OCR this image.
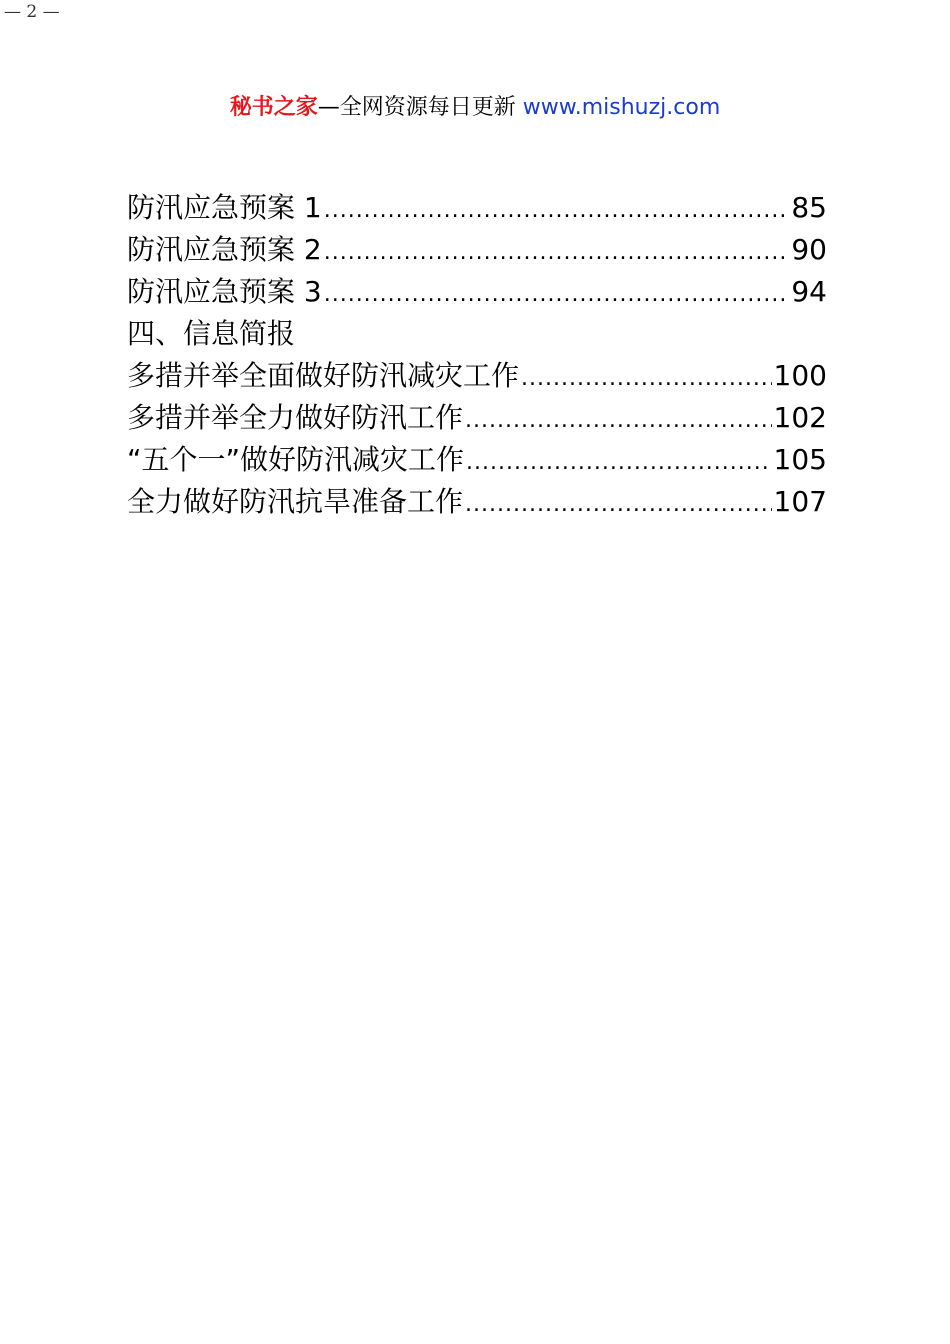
— 2 —
秘书之家—全网资源每日更新 www.mishuzj.com
防汛应急预案 1 .....	85
防汛应急预案 2 .....	90
防汛应急预案 3 .....	94
四、信息简报
多措并举全面做好防汛减灾工作 .....	100
多措并举全力做好防汛工作 .....	102
“五个一”做好防汛减灾工作 .....	105
全力做好防汛抗旱准备工作 .....	107
